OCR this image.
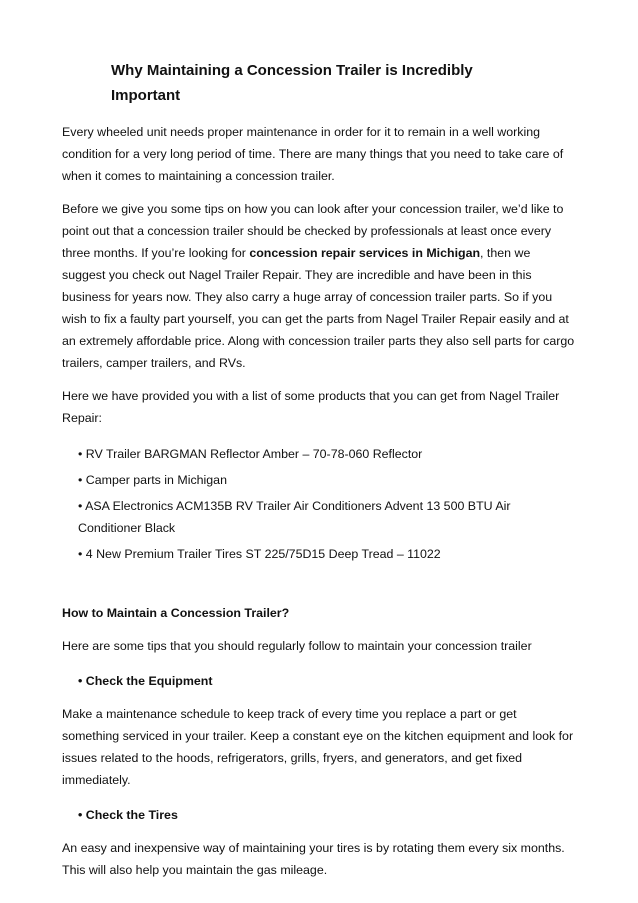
Why Maintaining a Concession Trailer is Incredibly Important

Every wheeled unit needs proper maintenance in order for it to remain in a well working condition for a very long period of time. There are many things that you need to take care of when it comes to maintaining a concession trailer.

Before we give you some tips on how you can look after your concession trailer, we’d like to point out that a concession trailer should be checked by professionals at least once every three months. If you’re looking for concession repair services in Michigan, then we suggest you check out Nagel Trailer Repair. They are incredible and have been in this business for years now. They also carry a huge array of concession trailer parts. So if you wish to fix a faulty part yourself, you can get the parts from Nagel Trailer Repair easily and at an extremely affordable price. Along with concession trailer parts they also sell parts for cargo trailers, camper trailers, and RVs.

Here we have provided you with a list of some products that you can get from Nagel Trailer Repair:

• RV Trailer BARGMAN Reflector Amber – 70-78-060 Reflector

• Camper parts in Michigan

• ASA Electronics ACM135B RV Trailer Air Conditioners Advent 13 500 BTU Air Conditioner Black

• 4 New Premium Trailer Tires ST 225/75D15 Deep Tread – 11022

How to Maintain a Concession Trailer?

Here are some tips that you should regularly follow to maintain your concession trailer

• Check the Equipment

Make a maintenance schedule to keep track of every time you replace a part or get something serviced in your trailer. Keep a constant eye on the kitchen equipment and look for issues related to the hoods, refrigerators, grills, fryers, and generators, and get fixed immediately.

• Check the Tires

An easy and inexpensive way of maintaining your tires is by rotating them every six months. This will also help you maintain the gas mileage.
